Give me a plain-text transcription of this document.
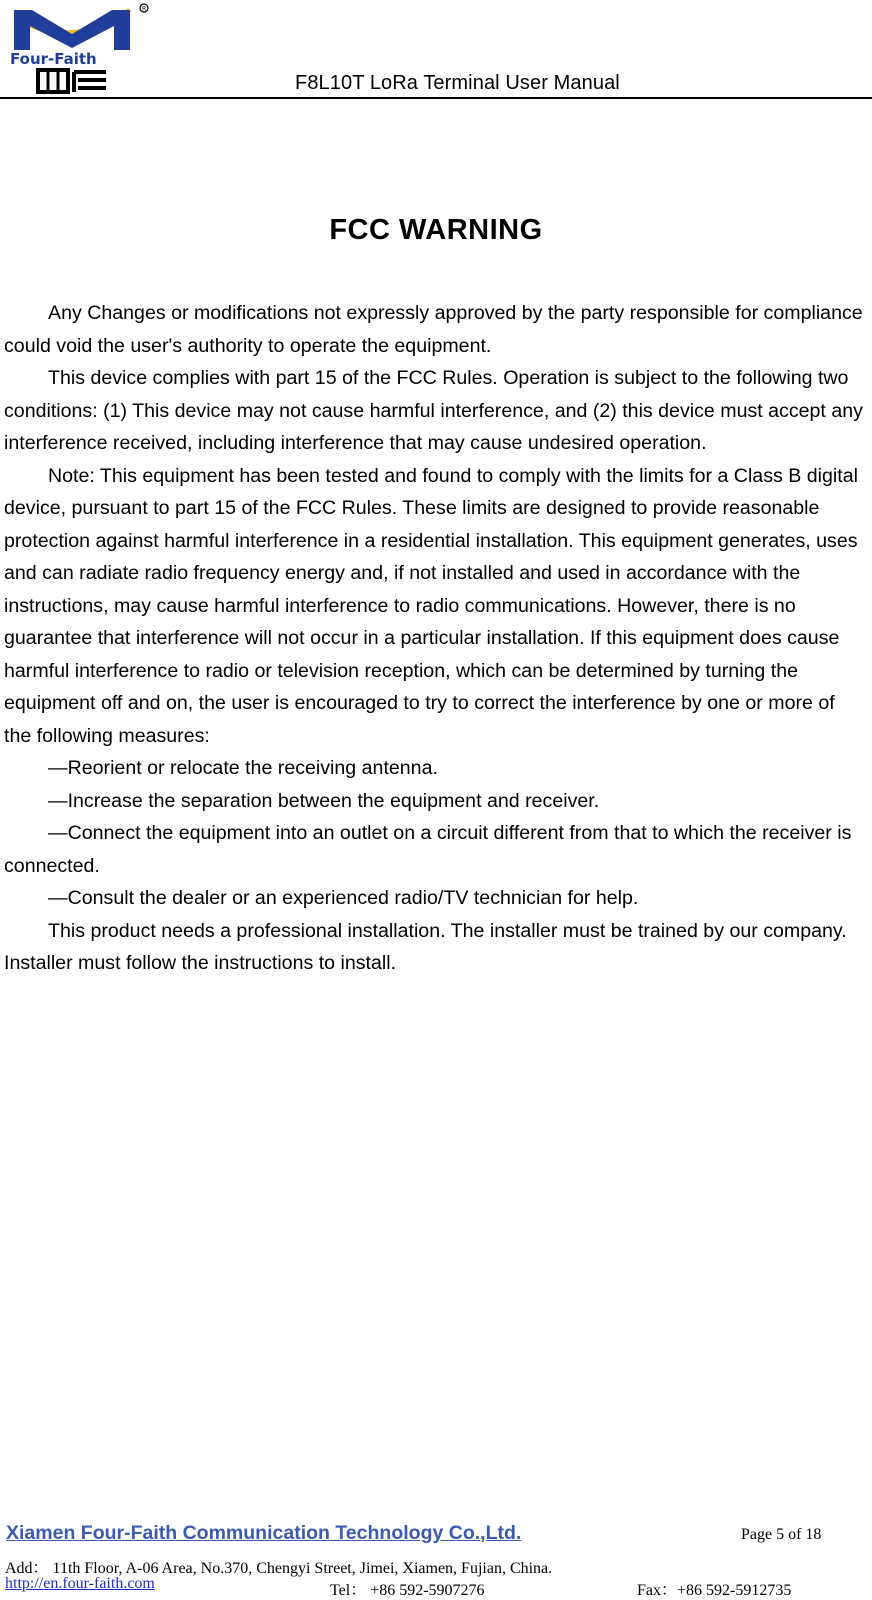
R
Four-Faith
F8L10T LoRa Terminal User Manual
FCC WARNING

Any Changes or modifications not expressly approved by the party responsible for compliance could void the user's authority to operate the equipment.

This device complies with part 15 of the FCC Rules. Operation is subject to the following two conditions: (1) This device may not cause harmful interference, and (2) this device must accept any interference received, including interference that may cause undesired operation.

Note: This equipment has been tested and found to comply with the limits for a Class B digital device, pursuant to part 15 of the FCC Rules. These limits are designed to provide reasonable protection against harmful interference in a residential installation. This equipment generates, uses and can radiate radio frequency energy and, if not installed and used in accordance with the instructions, may cause harmful interference to radio communications. However, there is no guarantee that interference will not occur in a particular installation. If this equipment does cause harmful interference to radio or television reception, which can be determined by turning the equipment off and on, the user is encouraged to try to correct the interference by one or more of the following measures:

—Reorient or relocate the receiving antenna.

—Increase the separation between the equipment and receiver.

—Connect the equipment into an outlet on a circuit different from that to which the receiver is connected.

—Consult the dealer or an experienced radio/TV technician for help.

This product needs a professional installation. The installer must be trained by our company. Installer must follow the instructions to install.

Xiamen Four-Faith Communication Technology Co.,Ltd.	Page 5 of 18
Add： 11th Floor, A-06 Area, No.370, Chengyi Street, Jimei, Xiamen, Fujian, China.
http://en.four-faith.com	Tel： +86 592-5907276	Fax：+86 592-5912735
